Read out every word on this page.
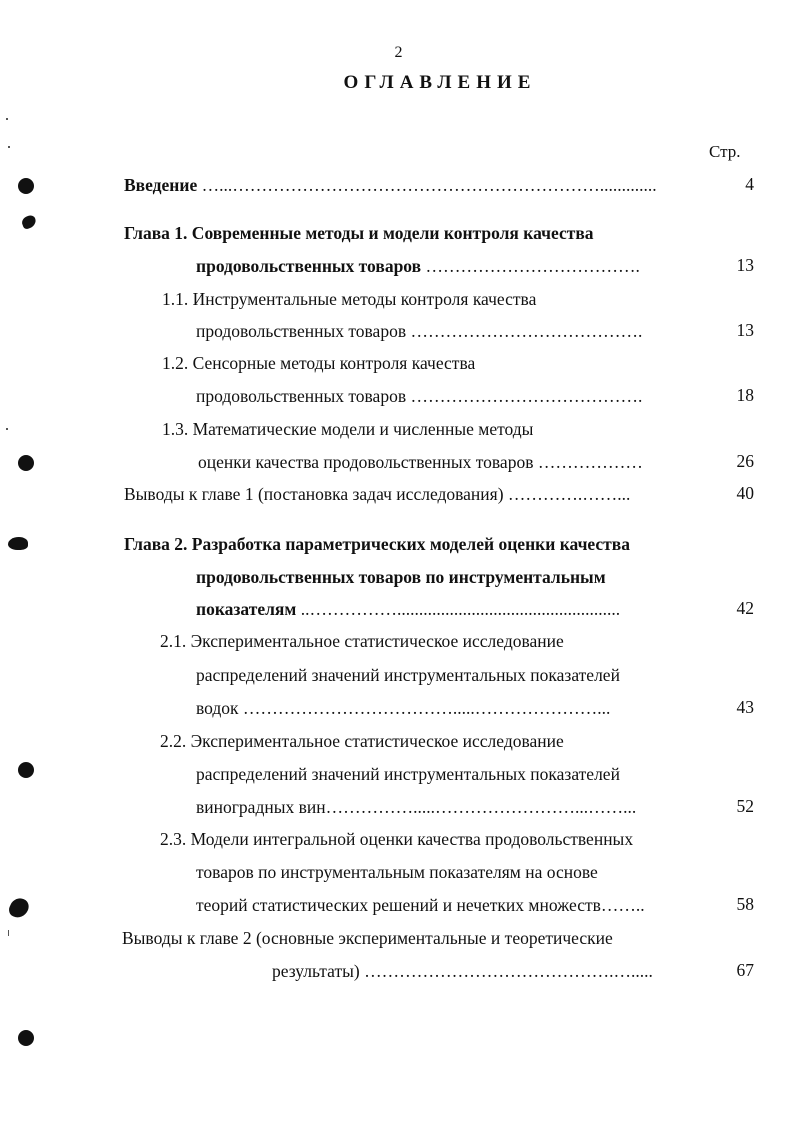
2
ОГЛАВЛЕНИЕ
Стр.
Введение …...……………………………………………………….............	4
Глава 1. Современные методы и модели контроля качества
продовольственных товаров ……………………………….	13
1.1. Инструментальные методы контроля качества
продовольственных товаров ………………………………….	13
1.2. Сенсорные методы контроля качества
продовольственных товаров ………………………………….	18
1.3. Математические модели и численные методы
оценки качества продовольственных товаров ………………	26
Выводы к главе 1 (постановка задач исследования) ………….……...	40
Глава 2. Разработка параметрических моделей оценки качества
продовольственных товаров по инструментальным
показателям ..……………...................................................	42
2.1. Экспериментальное статистическое исследование
распределений значений инструментальных показателей
водок ……………………………….....…………………...	43
2.2. Экспериментальное статистическое исследование
распределений значений инструментальных показателей
виноградных вин…………….....……………………...……...	52
2.3. Модели интегральной оценки качества продовольственных
товаров по инструментальным показателям на основе
теорий статистических решений и нечетких множеств……..	58
Выводы к главе 2 (основные экспериментальные и теоретические
результаты) …………………………………….….....	67
